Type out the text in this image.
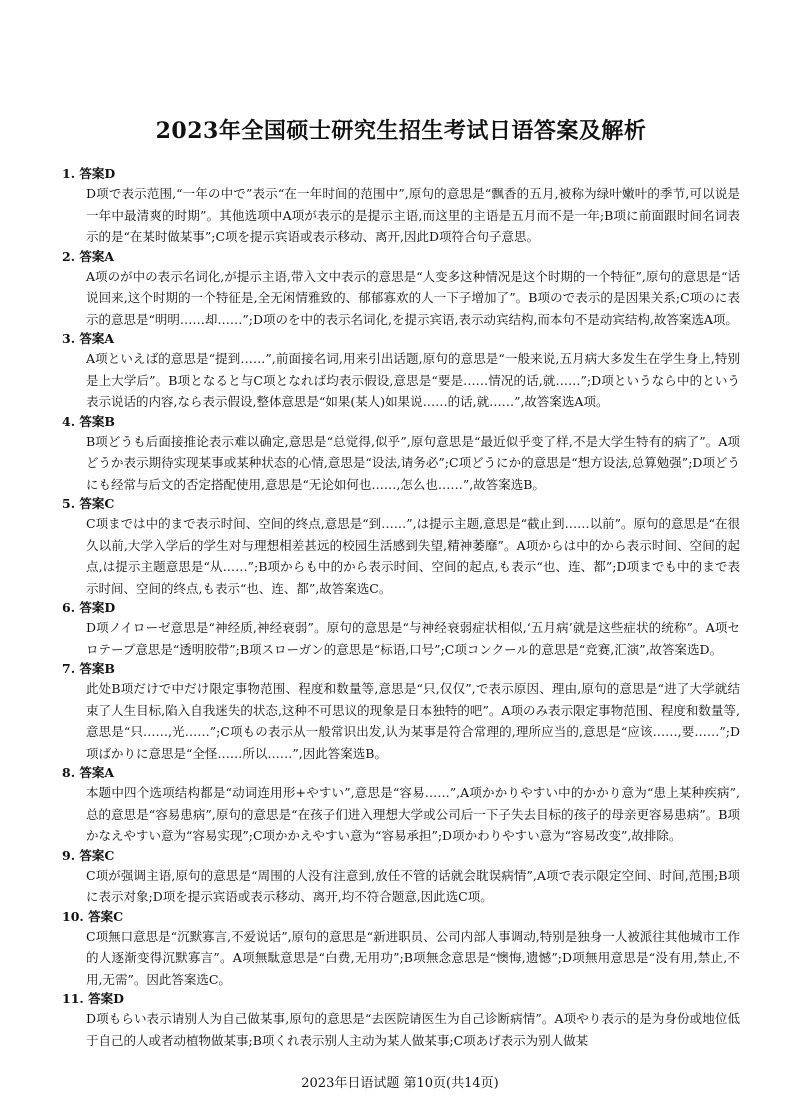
2023年全国硕士研究生招生考试日语答案及解析
1. 答案D
D项で表示范围,“一年の中で”表示“在一年时间的范围中”,原句的意思是“飘香的五月,被称为绿叶嫩叶的季节,可以说是一年中最清爽的时期”。其他选项中A项が表示的是提示主语,而这里的主语是五月而不是一年;B项に前面跟时间名词表示的是“在某时做某事”;C项を提示宾语或表示移动、离开,因此D项符合句子意思。
2. 答案A
A项のが中の表示名词化,が提示主语,带入文中表示的意思是“人变多这种情况是这个时期的一个特征”,原句的意思是“话说回来,这个时期的一个特征是,全无闲情雅致的、郁郁寡欢的人一下子增加了”。B项ので表示的是因果关系;C项のに表示的意思是“明明……却……”;D项のを中的表示名词化,を提示宾语,表示动宾结构,而本句不是动宾结构,故答案选A项。
3. 答案A
A项といえば的意思是“提到……”,前面接名词,用来引出话题,原句的意思是“一般来说,五月病大多发生在学生身上,特别是上大学后”。B项となると与C项となれば均表示假设,意思是“要是……情况的话,就……”;D项というなら中的という表示说话的内容,なら表示假设,整体意思是“如果(某人)如果说……的话,就……”,故答案选A项。
4. 答案B
B项どうも后面接推论表示难以确定,意思是“总觉得,似乎”,原句意思是“最近似乎变了样,不是大学生特有的病了”。A项どうか表示期待实现某事或某种状态的心情,意思是“设法,请务必”;C项どうにか的意思是“想方设法,总算勉强”;D项どうにも经常与后文的否定搭配使用,意思是“无论如何也……,怎么也……”,故答案选B。
5. 答案C
C项までは中的まで表示时间、空间的终点,意思是“到……”,は提示主题,意思是“截止到……以前”。原句的意思是“在很久以前,大学入学后的学生对与理想相差甚远的校园生活感到失望,精神萎靡”。A项からは中的から表示时间、空间的起点,は提示主题意思是“从……”;B项からも中的から表示时间、空间的起点,も表示“也、连、都”;D项までも中的まで表示时间、空间的终点,も表示“也、连、都”,故答案选C。
6. 答案D
D项ノイローゼ意思是“神经质,神经衰弱”。原句的意思是“与神经衰弱症状相似,‘五月病’就是这些症状的统称”。A项セロテープ意思是“透明胶带”;B项スローガン的意思是“标语,口号”;C项コンクール的意思是“竞赛,汇演”,故答案选D。
7. 答案B
此处B项だけで中だけ限定事物范围、程度和数量等,意思是“只,仅仅”,で表示原因、理由,原句的意思是“进了大学就结束了人生目标,陷入自我迷失的状态,这种不可思议的现象是日本独特的吧”。A项のみ表示限定事物范围、程度和数量等,意思是“只……,光……”;C项もの表示从一般常识出发,认为某事是符合常理的,理所应当的,意思是“应该……,要……”;D项ばかりに意思是“全怪……所以……”,因此答案选B。
8. 答案A
本题中四个选项结构都是“动词连用形+やすい”,意思是“容易……”,A项かかりやすい中的かかり意为“患上某种疾病”,总的意思是“容易患病”,原句的意思是“在孩子们进入理想大学或公司后一下子失去目标的孩子的母亲更容易患病”。B项かなえやすい意为“容易实现”;C项かかえやすい意为“容易承担”;D项かわりやすい意为“容易改变”,故排除。
9. 答案C
C项が强调主语,原句的意思是“周围的人没有注意到,放任不管的话就会耽误病情”,A项で表示限定空间、时间,范围;B项に表示对象;D项を提示宾语或表示移动、离开,均不符合题意,因此选C项。
10. 答案C
C项無口意思是“沉默寡言,不爱说话”,原句的意思是“新进职员、公司内部人事调动,特别是独身一人被派往其他城市工作的人逐渐变得沉默寡言”。A项無駄意思是“白费,无用功”;B项無念意思是“懊悔,遗憾”;D项無用意思是“没有用,禁止,不用,无需”。因此答案选C。
11. 答案D
D项もらい表示请别人为自己做某事,原句的意思是“去医院请医生为自己诊断病情”。A项やり表示的是为身份或地位低于自己的人或者动植物做某事;B项くれ表示别人主动为某人做某事;C项あげ表示为别人做某
2023年日语试题 第10页(共14页)
